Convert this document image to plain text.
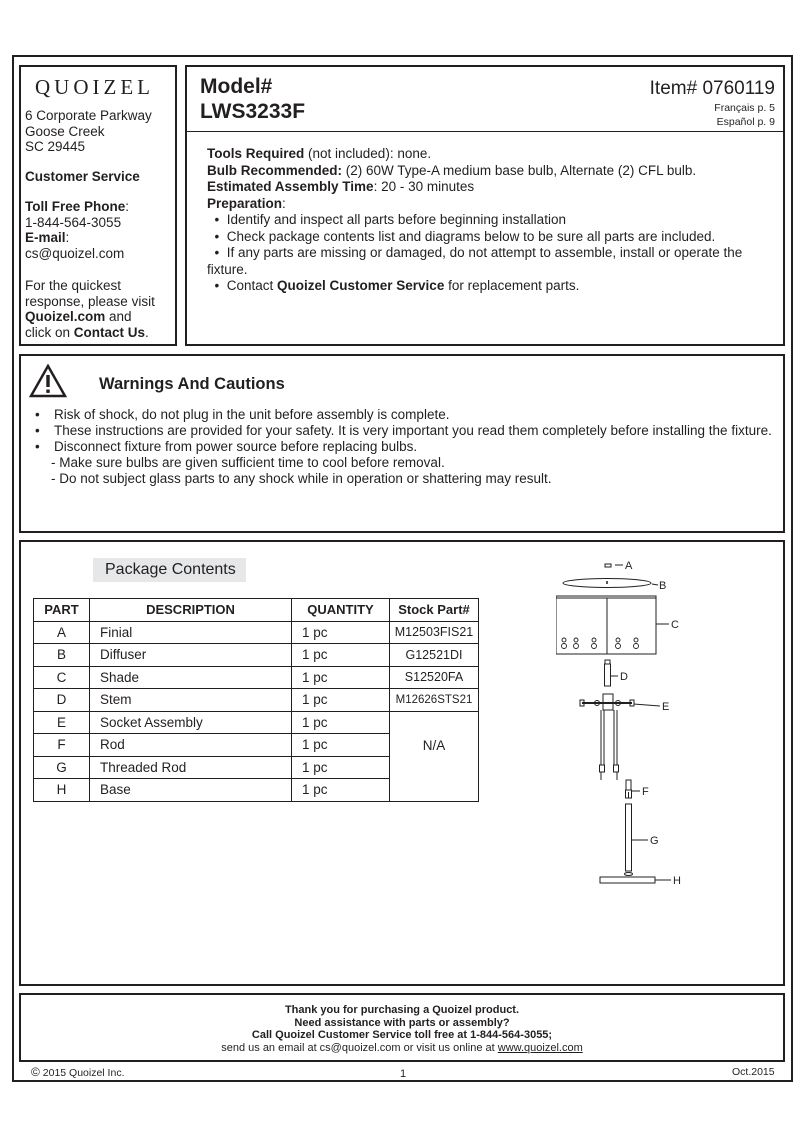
QUOIZEL
6 Corporate Parkway
Goose Creek
SC 29445
Customer Service
Toll Free Phone:
1-844-564-3055
E-mail:
cs@quoizel.com
For the quickest
response, please visit
Quoizel.com and
click on Contact Us.
Model#
LWS3233F
Item# 0760119
Français p. 5
Español p. 9
Tools Required (not included): none.
Bulb Recommended: (2) 60W Type-A medium base bulb, Alternate (2) CFL bulb.
Estimated Assembly Time: 20 - 30 minutes
Preparation:
•  Identify and inspect all parts before beginning installation
•  Check package contents list and diagrams below to be sure all parts are included.
•  If any parts are missing or damaged, do not attempt to assemble, install or operate the fixture.
•  Contact Quoizel Customer Service for replacement parts.
Warnings And Cautions
•	Risk of shock, do not plug in the unit before assembly is complete.
•	These instructions are provided for your safety. It is very important you read them completely before installing the fixture.
•	Disconnect fixture from power source before replacing bulbs.
- Make sure bulbs are given sufficient time to cool before removal.
- Do not subject glass parts to any shock while in operation or shattering may result.
Package Contents
PART	DESCRIPTION	QUANTITY	Stock Part#
A	Finial	1 pc	M12503FIS21
B	Diffuser	1 pc	G12521DI
C	Shade	1 pc	S12520FA
D	Stem	1 pc	M12626STS21
E	Socket Assembly	1 pc	N/A
F	Rod	1 pc	
G	Threaded Rod	1 pc	
H	Base	1 pc	
A
B
C
D
E
F
G
H
Thank you for purchasing a Quoizel product.
Need assistance with parts or assembly?
Call Quoizel Customer Service toll free at 1-844-564-3055;
send us an email at cs@quoizel.com or visit us online at www.quoizel.com
© 2015 Quoizel Inc.	1	Oct.2015
